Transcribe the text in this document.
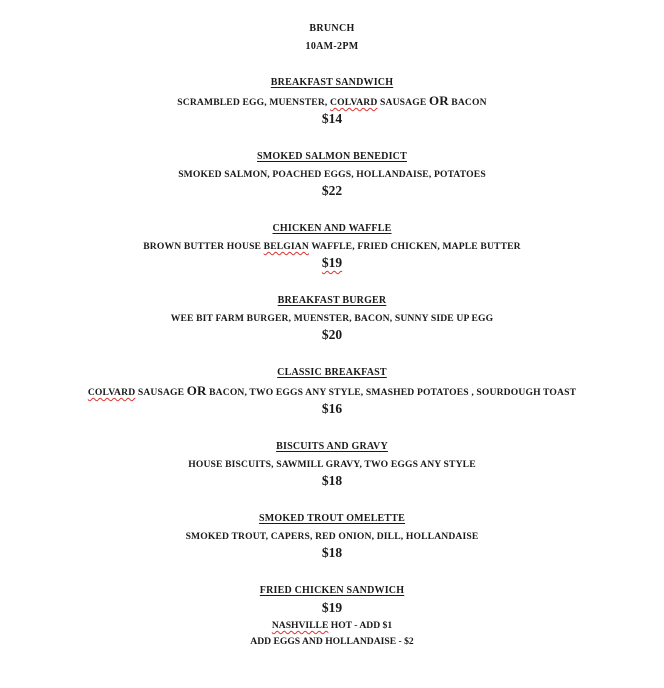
BRUNCH
10AM-2PM
BREAKFAST SANDWICH
SCRAMBLED EGG, MUENSTER, COLVARD SAUSAGE OR BACON
$14
SMOKED SALMON BENEDICT
SMOKED SALMON, POACHED EGGS, HOLLANDAISE, POTATOES
$22
CHICKEN AND WAFFLE
BROWN BUTTER HOUSE BELGIAN WAFFLE, FRIED CHICKEN, MAPLE BUTTER
$19
BREAKFAST BURGER
WEE BIT FARM BURGER, MUENSTER, BACON, SUNNY SIDE UP EGG
$20
CLASSIC BREAKFAST
COLVARD SAUSAGE OR BACON, TWO EGGS ANY STYLE, SMASHED POTATOES , SOURDOUGH TOAST
$16
BISCUITS AND GRAVY
HOUSE BISCUITS, SAWMILL GRAVY, TWO EGGS ANY STYLE
$18
SMOKED TROUT OMELETTE
SMOKED TROUT, CAPERS, RED ONION, DILL, HOLLANDAISE
$18
FRIED CHICKEN SANDWICH
$19
NASHVILLE HOT - ADD $1
ADD EGGS AND HOLLANDAISE - $2
